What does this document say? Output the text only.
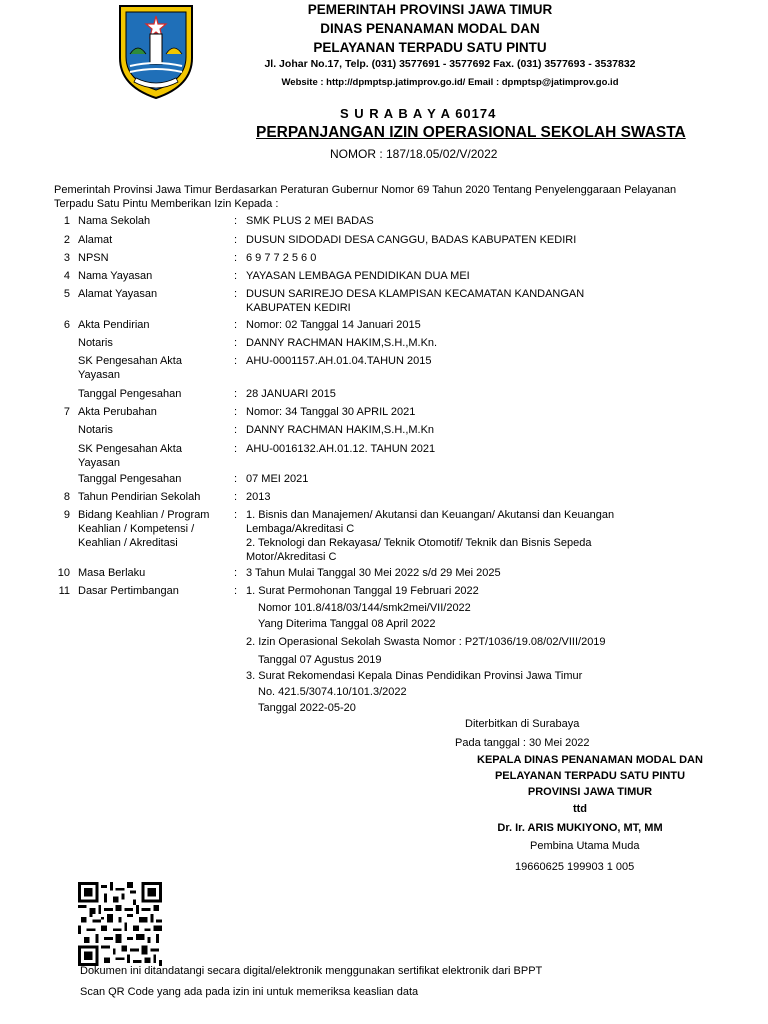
PEMERINTAH PROVINSI JAWA TIMUR
DINAS PENANAMAN MODAL DAN
PELAYANAN TERPADU SATU PINTU
Jl. Johar No.17, Telp. (031) 3577691 - 3577692 Fax. (031) 3577693 - 3537832
Website : http://dpmptsp.jatimprov.go.id/ Email : dpmptsp@jatimprov.go.id
S U R A B A Y A 60174
PERPANJANGAN IZIN OPERASIONAL SEKOLAH SWASTA
NOMOR : 187/18.05/02/V/2022
Pemerintah Provinsi Jawa Timur Berdasarkan Peraturan Gubernur Nomor 69 Tahun 2020 Tentang Penyelenggaraan Pelayanan Terpadu Satu Pintu Memberikan Izin Kepada :
1 Nama Sekolah	: SMK PLUS 2 MEI BADAS
2 Alamat	: DUSUN SIDODADI DESA CANGGU, BADAS KABUPATEN KEDIRI
3 NPSN	: 6 9 7 7 2 5 6 0
4 Nama Yayasan	: YAYASAN LEMBAGA PENDIDIKAN DUA MEI
5 Alamat Yayasan	: DUSUN SARIREJO DESA KLAMPISAN KECAMATAN KANDANGAN KABUPATEN KEDIRI
6 Akta Pendirian	: Nomor: 02 Tanggal 14 Januari 2015
Notaris	: DANNY RACHMAN HAKIM,S.H.,M.Kn.
SK Pengesahan Akta Yayasan
: AHU-0001157.AH.01.04.TAHUN 2015
Tanggal Pengesahan	: 28 JANUARI 2015
7 Akta Perubahan	: Nomor: 34 Tanggal 30 APRIL 2021
Notaris	: DANNY RACHMAN HAKIM,S.H.,M.Kn
SK Pengesahan Akta Yayasan
: AHU-0016132.AH.01.12. TAHUN 2021
Tanggal Pengesahan	: 07 MEI 2021
8 Tahun Pendirian Sekolah	: 2013
9 Bidang Keahlian / Program Keahlian / Kompetensi / Keahlian / Akreditasi
: 1. Bisnis dan Manajemen/ Akutansi dan Keuangan/ Akutansi dan Keuangan Lembaga/Akreditasi C
2. Teknologi dan Rekayasa/ Teknik Otomotif/ Teknik dan Bisnis Sepeda Motor/Akreditasi C
10 Masa Berlaku	: 3 Tahun Mulai Tanggal 30 Mei 2022 s/d 29 Mei 2025
11 Dasar Pertimbangan	: 1. Surat Permohonan Tanggal 19 Februari 2022
Nomor 101.8/418/03/144/smk2mei/VII/2022
Yang Diterima Tanggal 08 April 2022
2. Izin Operasional Sekolah Swasta Nomor : P2T/1036/19.08/02/VIII/2019
Tanggal 07 Agustus 2019
3. Surat Rekomendasi Kepala Dinas Pendidikan Provinsi Jawa Timur
No. 421.5/3074.10/101.3/2022
Tanggal 2022-05-20
Diterbitkan di Surabaya
Pada tanggal : 30 Mei 2022
KEPALA DINAS PENANAMAN MODAL DAN
PELAYANAN TERPADU SATU PINTU
PROVINSI JAWA TIMUR
ttd
Dr. Ir. ARIS MUKIYONO, MT, MM
Pembina Utama Muda
19660625 199903 1 005
Dokumen ini ditandatangi secara digital/elektronik menggunakan sertifikat elektronik dari BPPT
Scan QR Code yang ada pada izin ini untuk memeriksa keaslian data
